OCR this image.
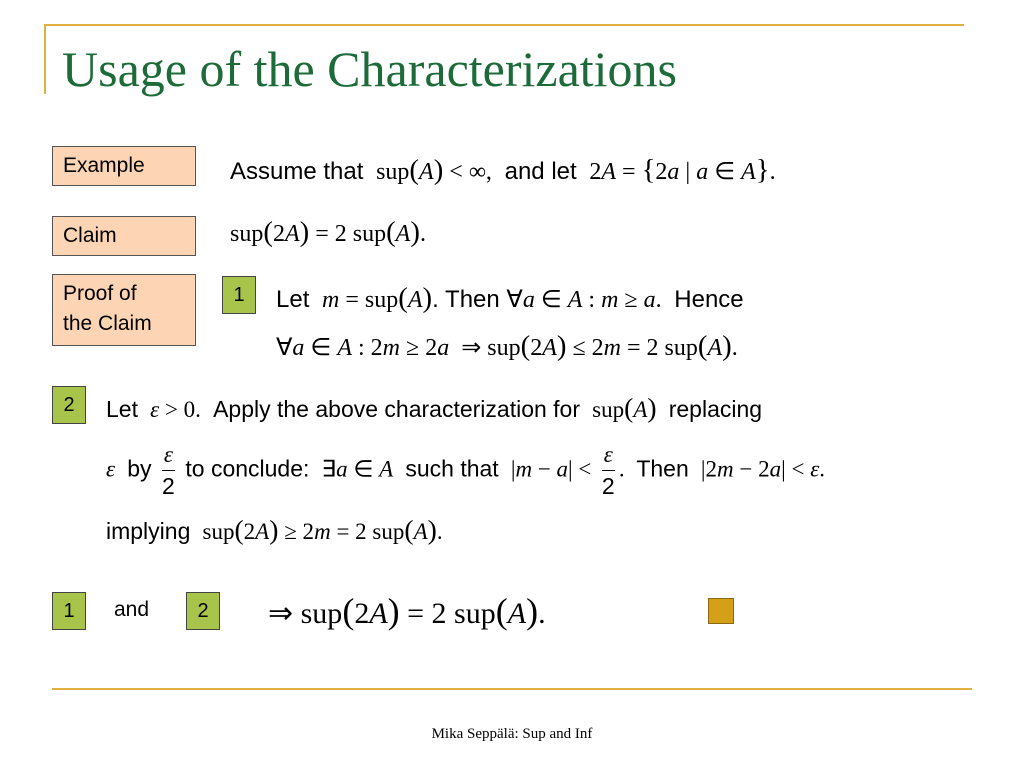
Usage of the Characterizations
Example	Assume that  sup(A) < ∞,  and let  2A = {2a | a ∈ A}.
Claim	sup(2A) = 2 sup(A).
Proof of
the Claim
1	Let m = sup(A). Then ∀a ∈ A : m ≥ a.  Hence
∀a ∈ A : 2m ≥ 2a  ⇒ sup(2A) ≤ 2m = 2 sup(A).
2	Let ε > 0.  Apply the above characterization for  sup(A) replacing
ε by $\frac{\varepsilon}{2}$ to conclude:  ∃a ∈ A such that  $|m - a| < \frac{\varepsilon}{2}$ .  Then  |2m − 2a| < ε.
implying  sup(2A) ≥ 2m = 2 sup(A).
1	and	2	⇒ sup(2A) = 2 sup(A).
Mika Seppälä: Sup and Inf
